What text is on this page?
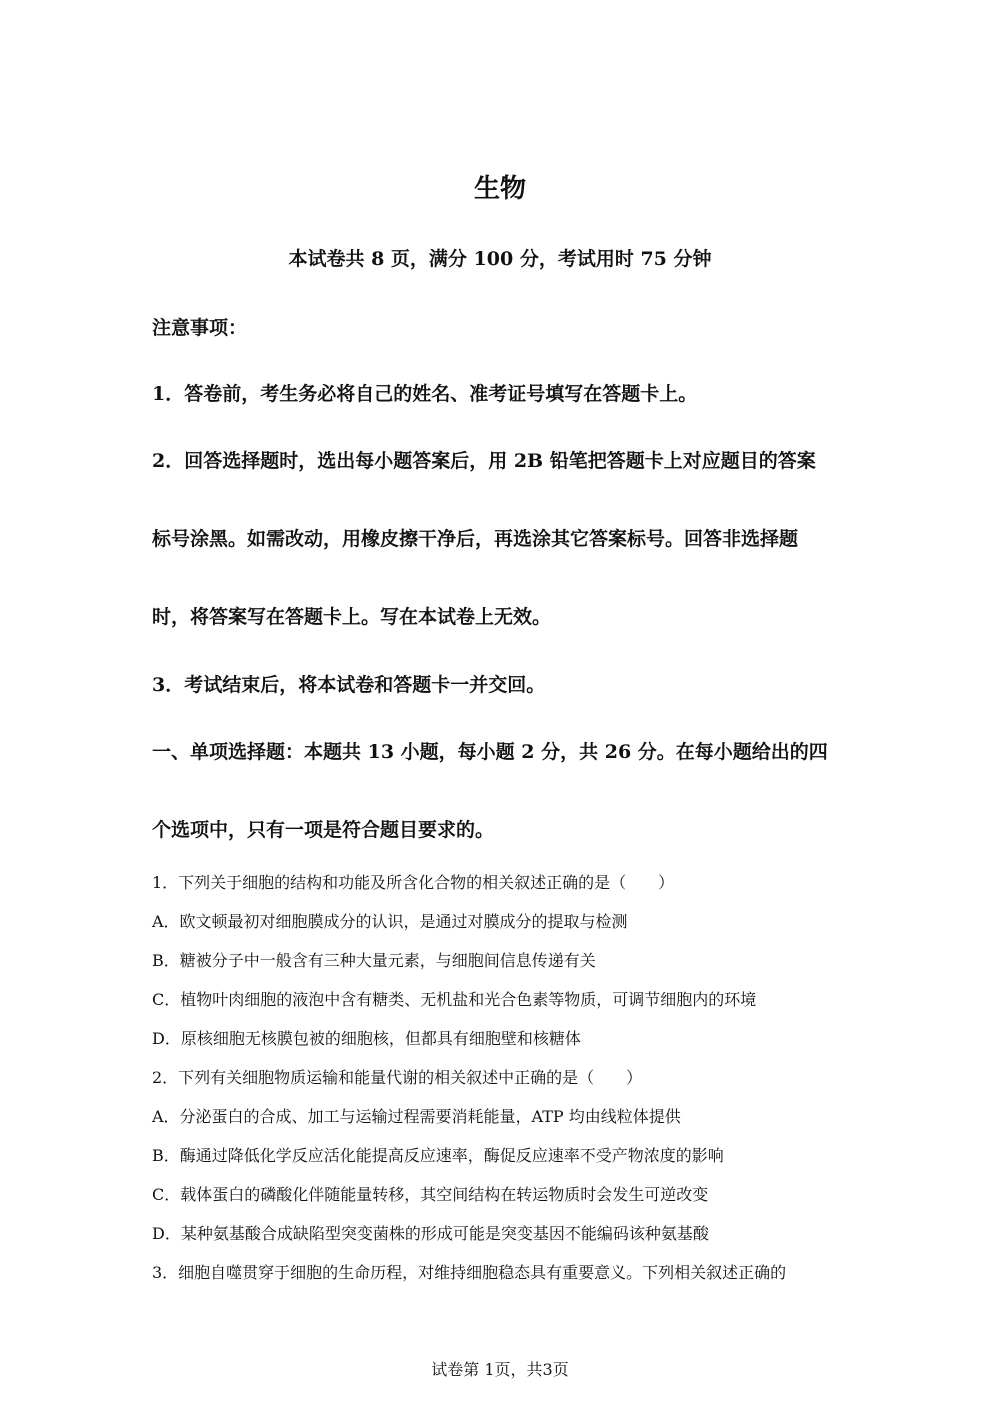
生物
本试卷共 8 页，满分 100 分，考试用时 75 分钟
注意事项：
1．答卷前，考生务必将自己的姓名、准考证号填写在答题卡上。
2．回答选择题时，选出每小题答案后，用 2B 铅笔把答题卡上对应题目的答案
标号涂黑。如需改动，用橡皮擦干净后，再选涂其它答案标号。回答非选择题
时，将答案写在答题卡上。写在本试卷上无效。
3．考试结束后，将本试卷和答题卡一并交回。
一、单项选择题：本题共 13 小题，每小题 2 分，共 26 分。在每小题给出的四
个选项中，只有一项是符合题目要求的。
1．下列关于细胞的结构和功能及所含化合物的相关叙述正确的是（　　）
A．欧文顿最初对细胞膜成分的认识，是通过对膜成分的提取与检测
B．糖被分子中一般含有三种大量元素，与细胞间信息传递有关
C．植物叶肉细胞的液泡中含有糖类、无机盐和光合色素等物质，可调节细胞内的环境
D．原核细胞无核膜包被的细胞核，但都具有细胞壁和核糖体
2．下列有关细胞物质运输和能量代谢的相关叙述中正确的是（　　）
A．分泌蛋白的合成、加工与运输过程需要消耗能量，ATP 均由线粒体提供
B．酶通过降低化学反应活化能提高反应速率，酶促反应速率不受产物浓度的影响
C．载体蛋白的磷酸化伴随能量转移，其空间结构在转运物质时会发生可逆改变
D．某种氨基酸合成缺陷型突变菌株的形成可能是突变基因不能编码该种氨基酸
3．细胞自噬贯穿于细胞的生命历程，对维持细胞稳态具有重要意义。下列相关叙述正确的
试卷第 1页，共3页
